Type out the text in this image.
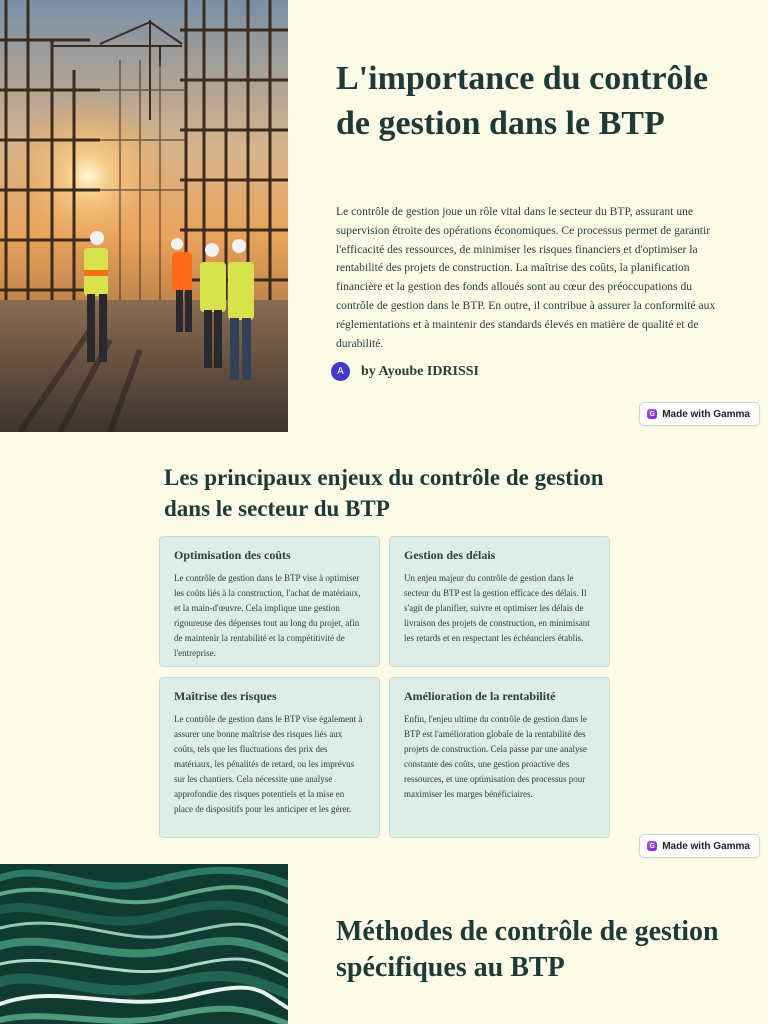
L'importance du contrôle de gestion dans le BTP

Le contrôle de gestion joue un rôle vital dans le secteur du BTP, assurant une supervision étroite des opérations économiques. Ce processus permet de garantir l'efficacité des ressources, de minimiser les risques financiers et d'optimiser la rentabilité des projets de construction. La maîtrise des coûts, la planification financière et la gestion des fonds alloués sont au cœur des préoccupations du contrôle de gestion dans le BTP. En outre, il contribue à assurer la conformité aux réglementations et à maintenir des standards élevés en matière de qualité et de durabilité.

A	by Ayoube IDRISSI
G Made with Gamma
Les principaux enjeux du contrôle de gestion dans le secteur du BTP
Optimisation des coûts

Le contrôle de gestion dans le BTP vise à optimiser les coûts liés à la construction, l'achat de matériaux, et la main-d'œuvre. Cela implique une gestion rigoureuse des dépenses tout au long du projet, afin de maintenir la rentabilité et la compétitivité de l'entreprise.

Gestion des délais

Un enjeu majeur du contrôle de gestion dans le secteur du BTP est la gestion efficace des délais. Il s'agit de planifier, suivre et optimiser les délais de livraison des projets de construction, en minimisant les retards et en respectant les échéanciers établis.

Maîtrise des risques

Le contrôle de gestion dans le BTP vise également à assurer une bonne maîtrise des risques liés aux coûts, tels que les fluctuations des prix des matériaux, les pénalités de retard, ou les imprévus sur les chantiers. Cela nécessite une analyse approfondie des risques potentiels et la mise en place de dispositifs pour les anticiper et les gérer.

Amélioration de la rentabilité

Enfin, l'enjeu ultime du contrôle de gestion dans le BTP est l'amélioration globale de la rentabilité des projets de construction. Cela passe par une analyse constante des coûts, une gestion proactive des ressources, et une optimisation des processus pour maximiser les marges bénéficiaires.

G Made with Gamma
Méthodes de contrôle de gestion spécifiques au BTP
